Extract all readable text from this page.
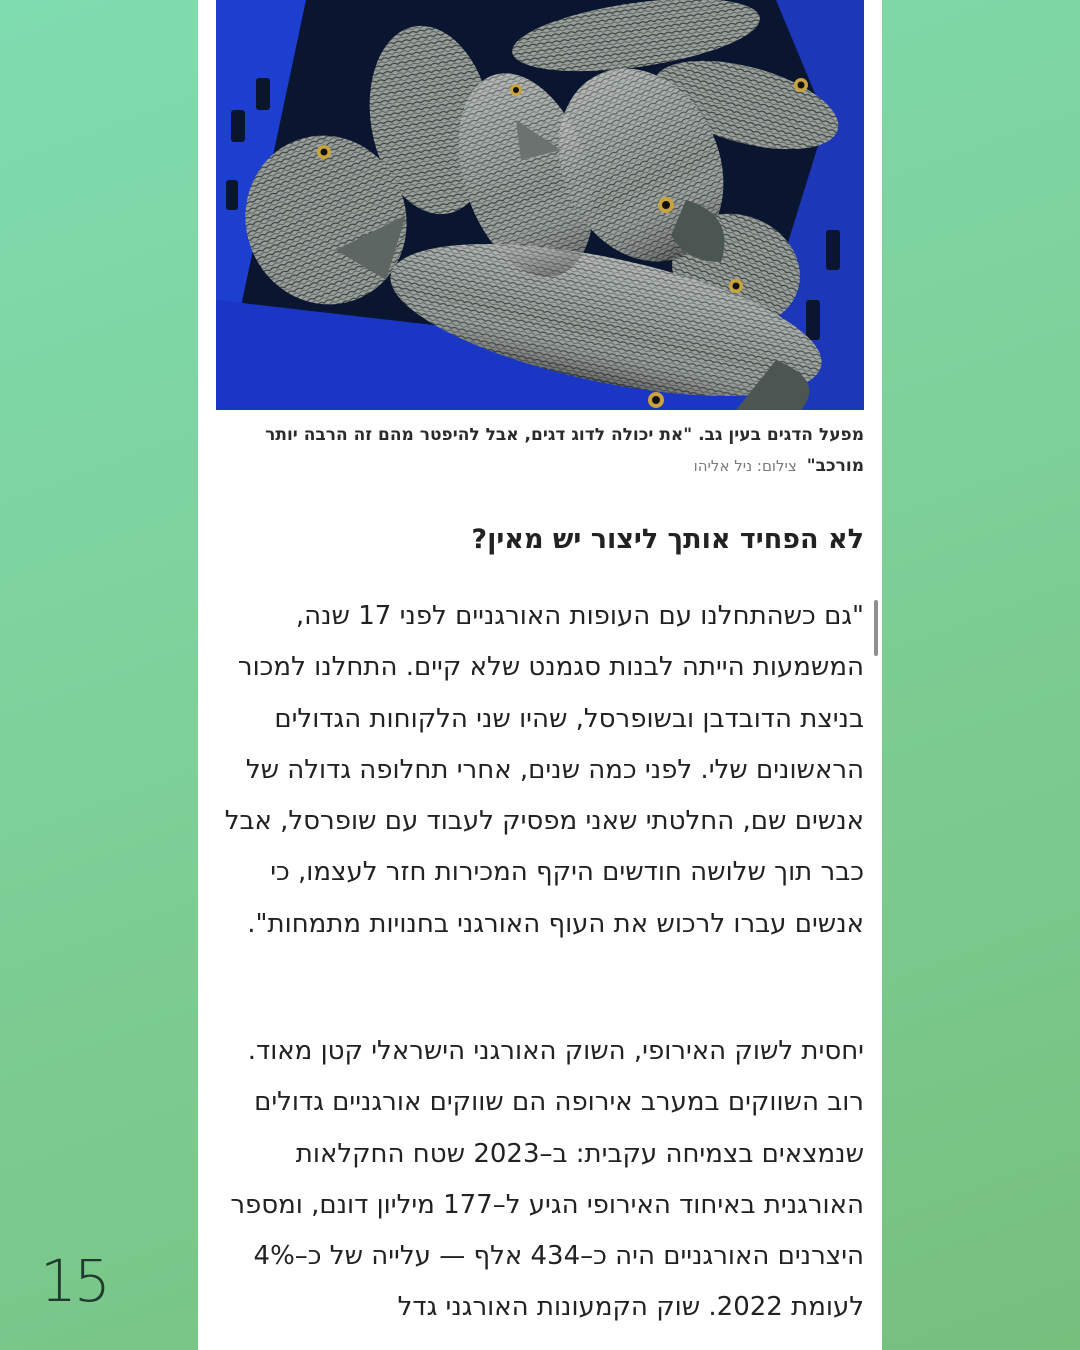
15
מפעל הדגים בעין גב. "את יכולה לדוג דגים, אבל להיפטר מהם זה הרבה יותר מורכב"צילום: ניל אליהו
לא הפחיד אותך ליצור יש מאין?

"גם כשהתחלנו עם העופות האורגניים לפני 17 שנה, המשמעות הייתה לבנות סגמנט שלא קיים. התחלנו למכור בניצת הדובדבן ובשופרסל, שהיו שני הלקוחות הגדולים הראשונים שלי. לפני כמה שנים, אחרי תחלופה גדולה של אנשים שם, החלטתי שאני מפסיק לעבוד עם שופרסל, אבל כבר תוך שלושה חודשים היקף המכירות חזר לעצמו, כי אנשים עברו לרכוש את העוף האורגני בחנויות מתמחות".

יחסית לשוק האירופי, השוק האורגני הישראלי קטן מאוד. רוב השווקים במערב אירופה הם שווקים אורגניים גדולים שנמצאים בצמיחה עקבית: ב–2023 שטח החקלאות האורגנית באיחוד האירופי הגיע ל–177 מיליון דונם, ומספר היצרנים האורגניים היה כ–434 אלף — עלייה של כ–4% לעומת 2022. שוק הקמעונות האורגני גדל
